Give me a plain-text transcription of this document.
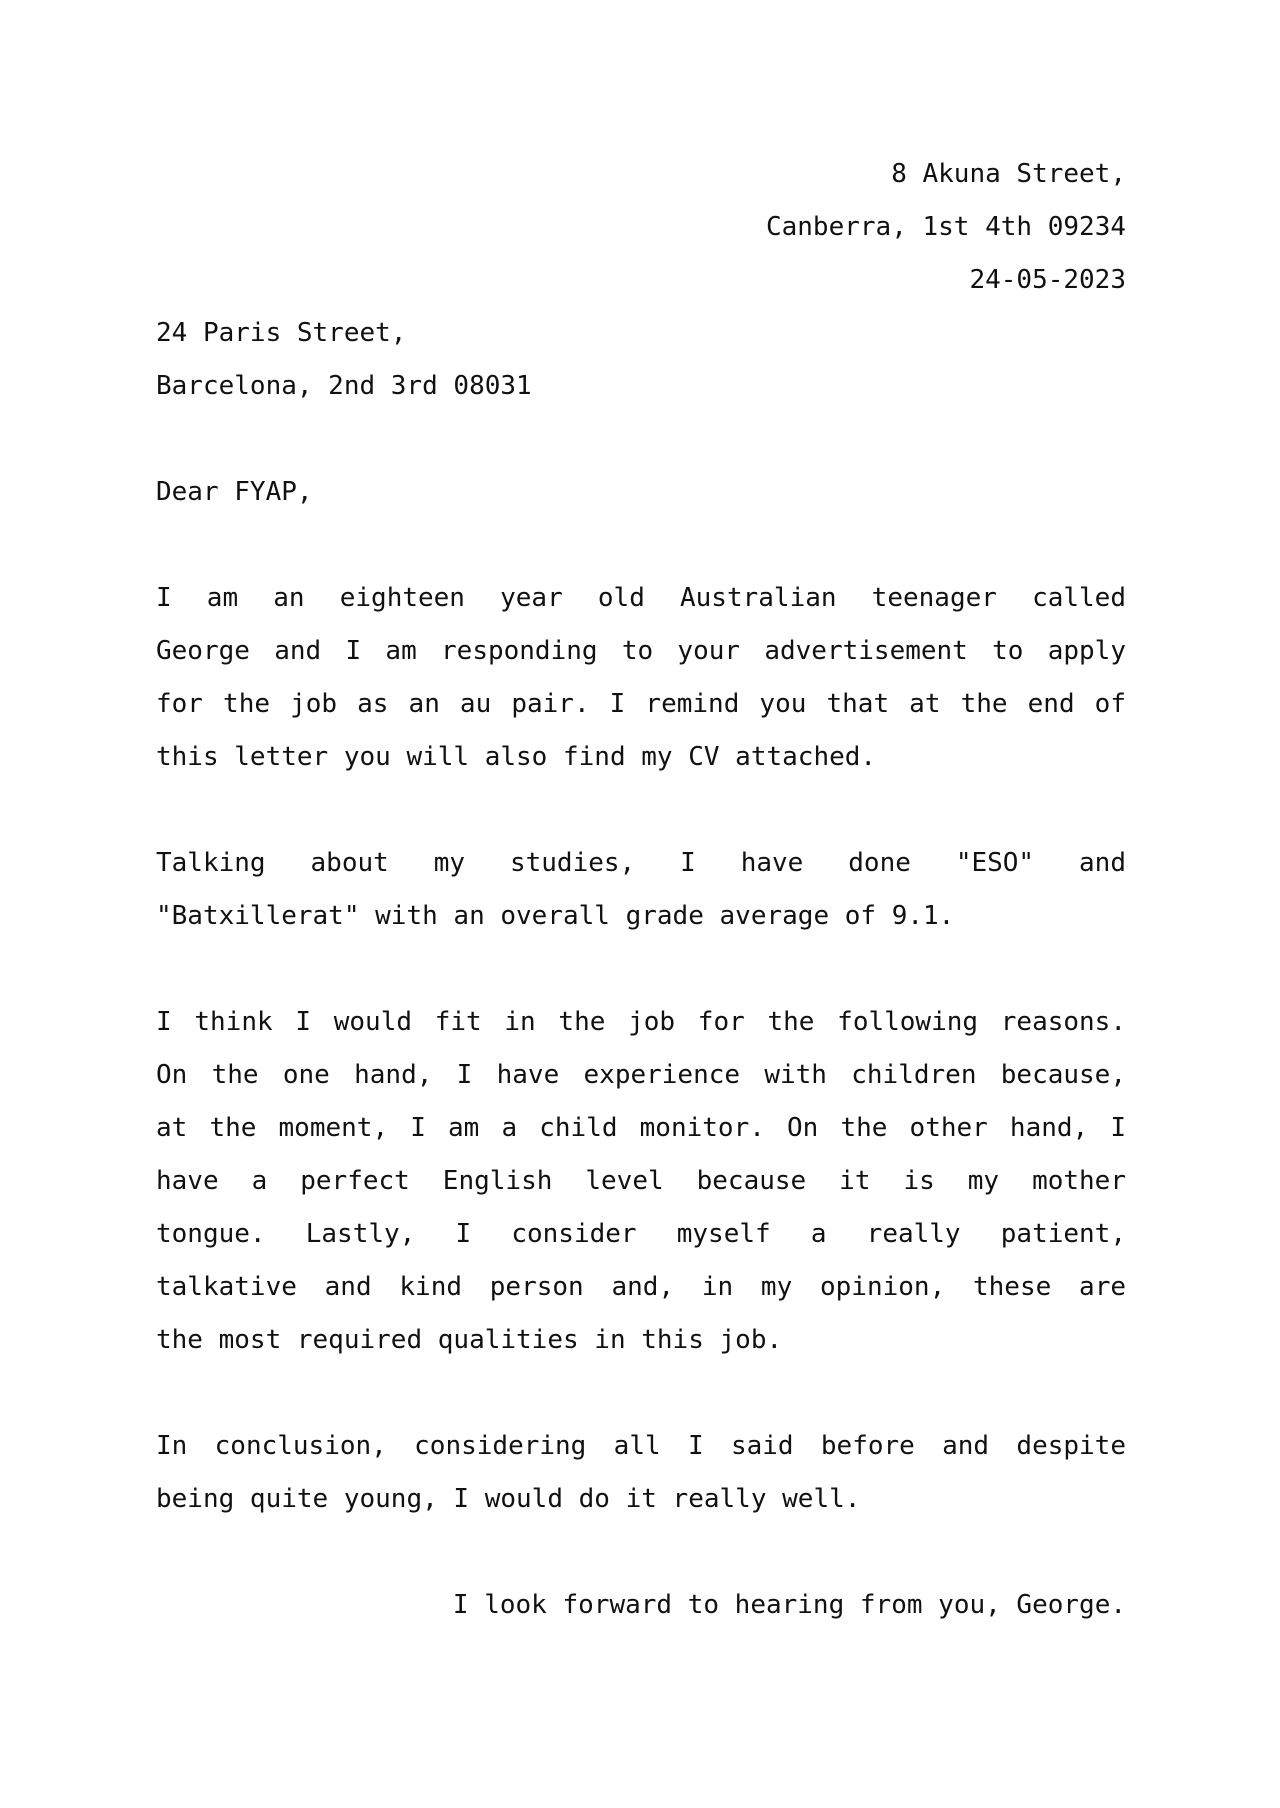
8 Akuna Street,
Canberra, 1st 4th 09234
24-05-2023
24 Paris Street,
Barcelona, 2nd 3rd 08031
Dear FYAP,
I am an eighteen year old Australian teenager called
George and I am responding to your advertisement to apply
for the job as an au pair. I remind you that at the end of
this letter you will also find my CV attached.
Talking about my studies, I have done "ESO" and
"Batxillerat" with an overall grade average of 9.1.
I think I would fit in the job for the following reasons.
On the one hand, I have experience with children because,
at the moment, I am a child monitor. On the other hand, I
have a perfect English level because it is my mother
tongue. Lastly, I consider myself a really patient,
talkative and kind person and, in my opinion, these are
the most required qualities in this job.
In conclusion, considering all I said before and despite
being quite young, I would do it really well.
I look forward to hearing from you, George.
